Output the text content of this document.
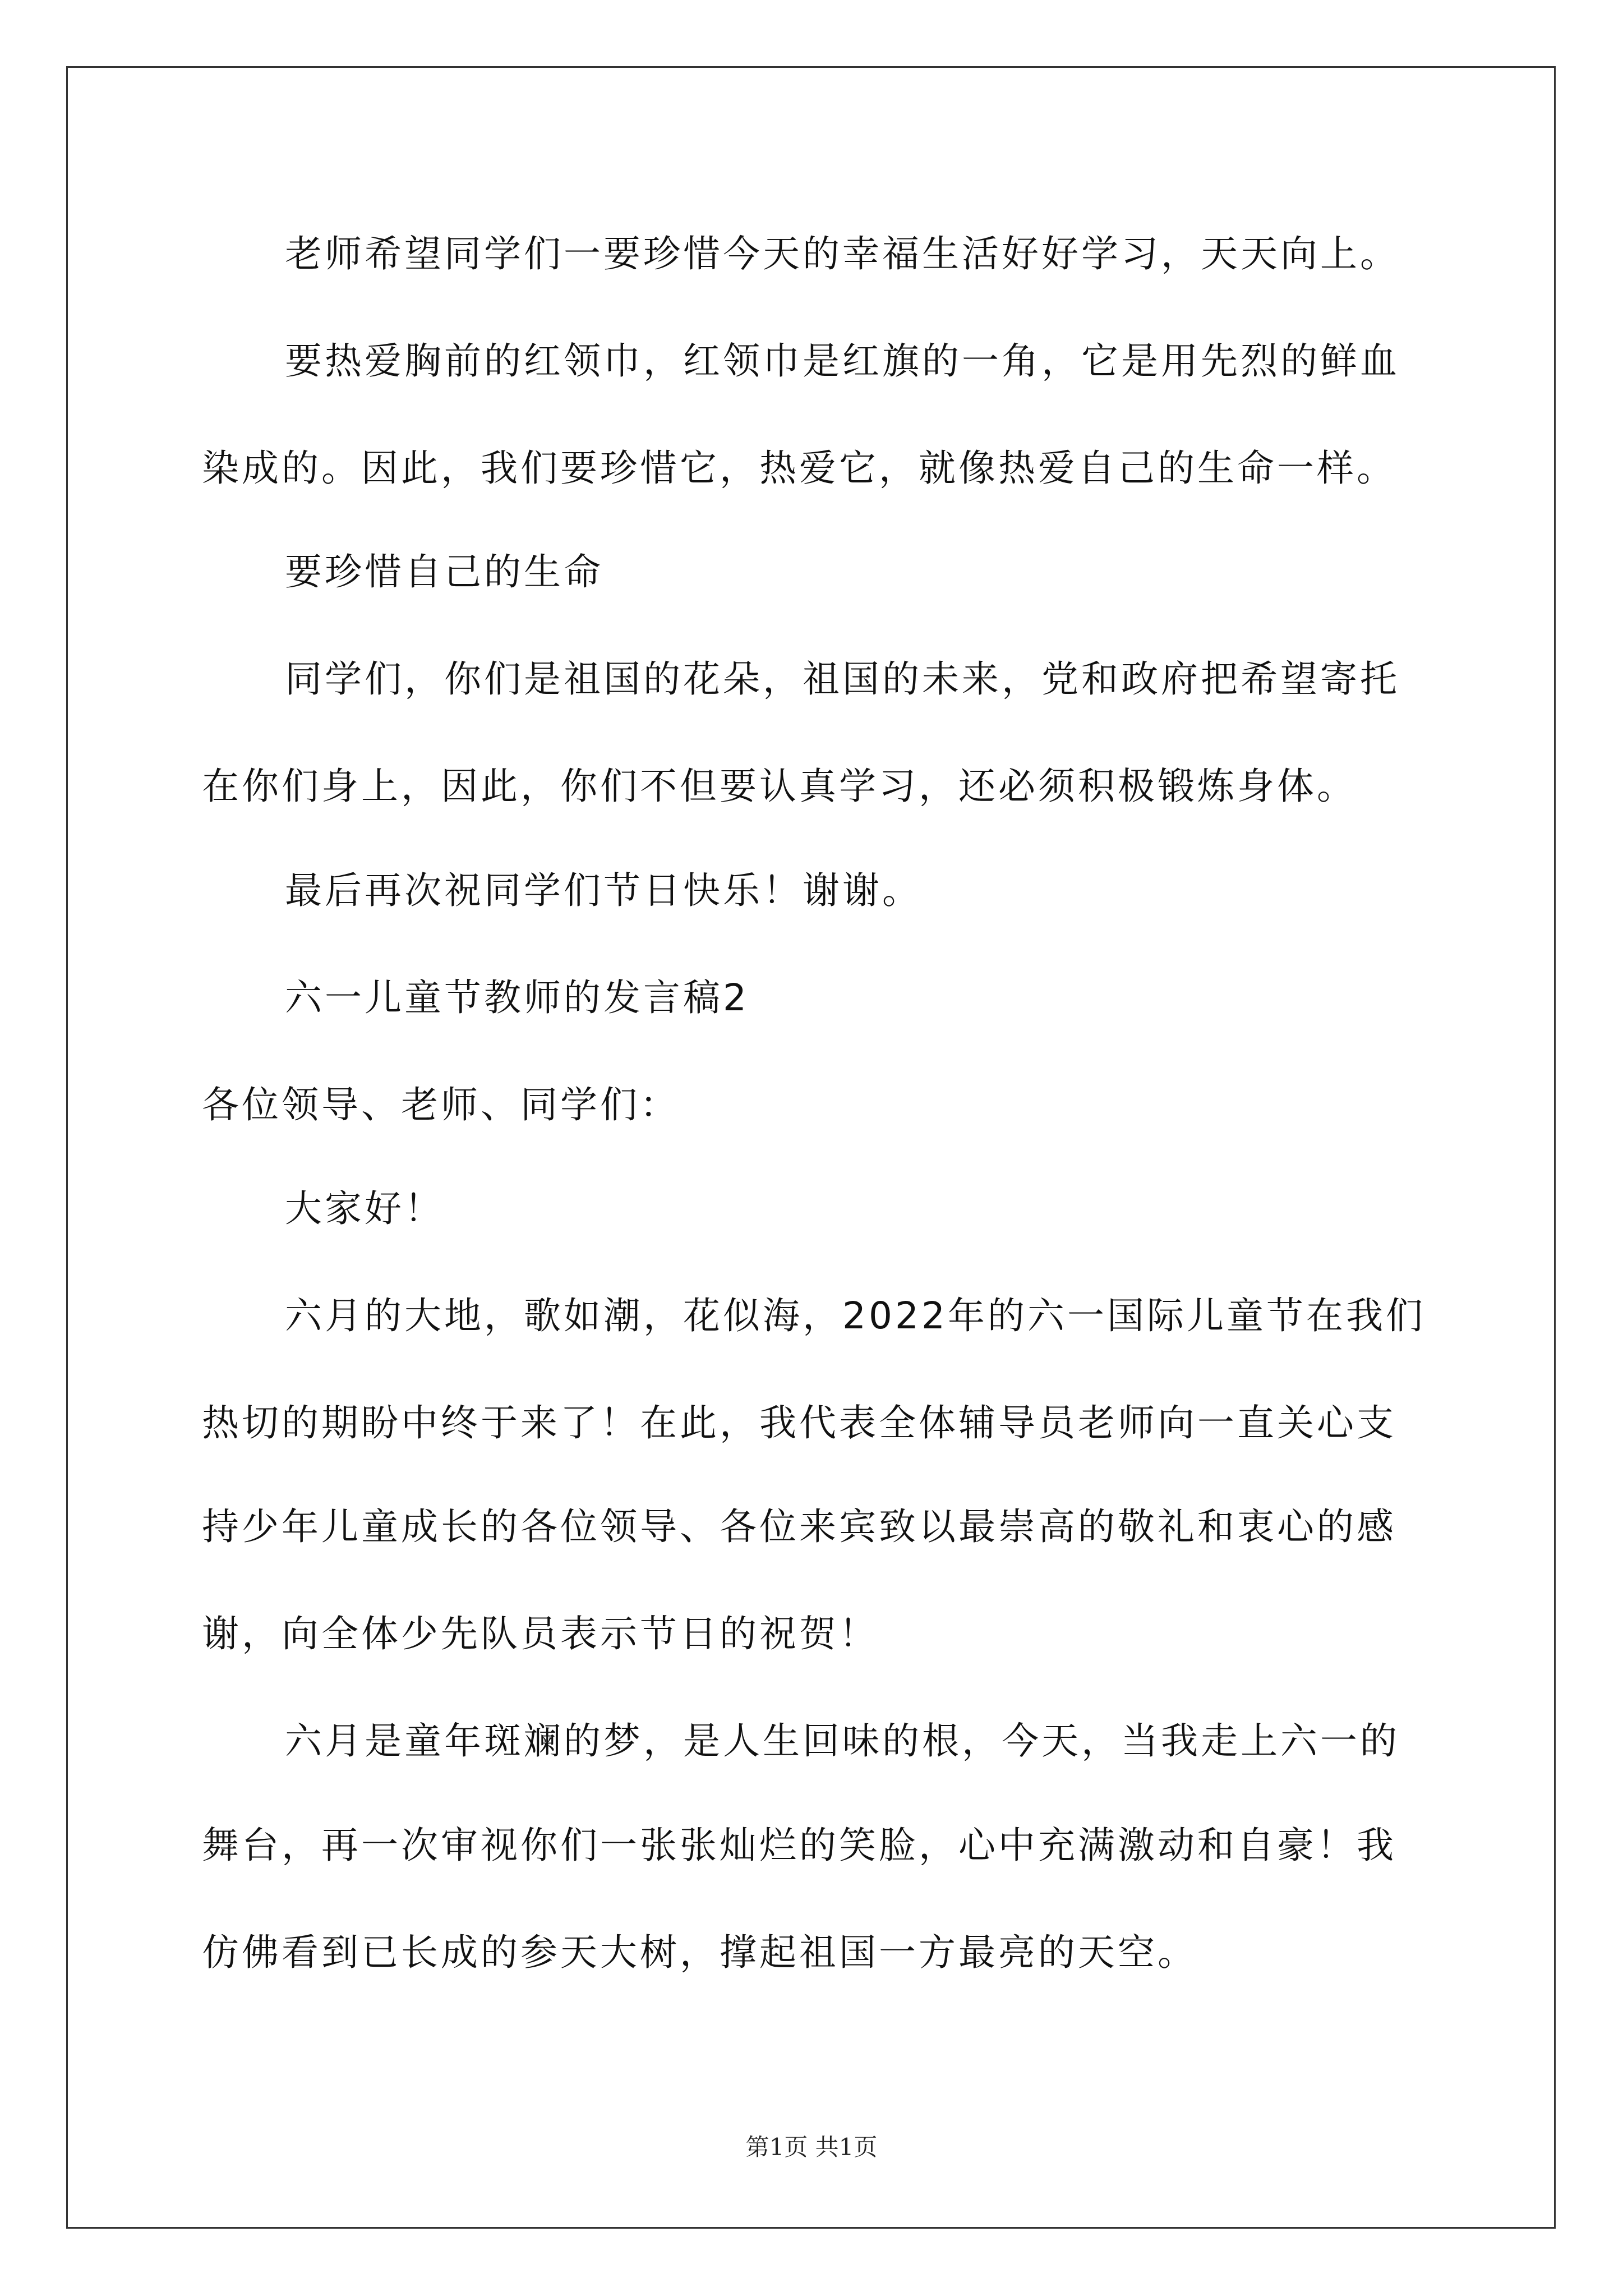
老师希望同学们一要珍惜今天的幸福生活好好学习，天天向上。
要热爱胸前的红领巾，红领巾是红旗的一角，它是用先烈的鲜血
染成的。因此，我们要珍惜它，热爱它，就像热爱自己的生命一样。
要珍惜自己的生命
同学们，你们是祖国的花朵，祖国的未来，党和政府把希望寄托
在你们身上，因此，你们不但要认真学习，还必须积极锻炼身体。
最后再次祝同学们节日快乐！谢谢。
六一儿童节教师的发言稿2
各位领导、老师、同学们：
大家好！
六月的大地，歌如潮，花似海，2022年的六一国际儿童节在我们
热切的期盼中终于来了！在此，我代表全体辅导员老师向一直关心支
持少年儿童成长的各位领导、各位来宾致以最崇高的敬礼和衷心的感
谢，向全体少先队员表示节日的祝贺！
六月是童年斑斓的梦，是人生回味的根，今天，当我走上六一的
舞台，再一次审视你们一张张灿烂的笑脸，心中充满激动和自豪！我
仿佛看到已长成的参天大树，撑起祖国一方最亮的天空。
第1页 共1页
